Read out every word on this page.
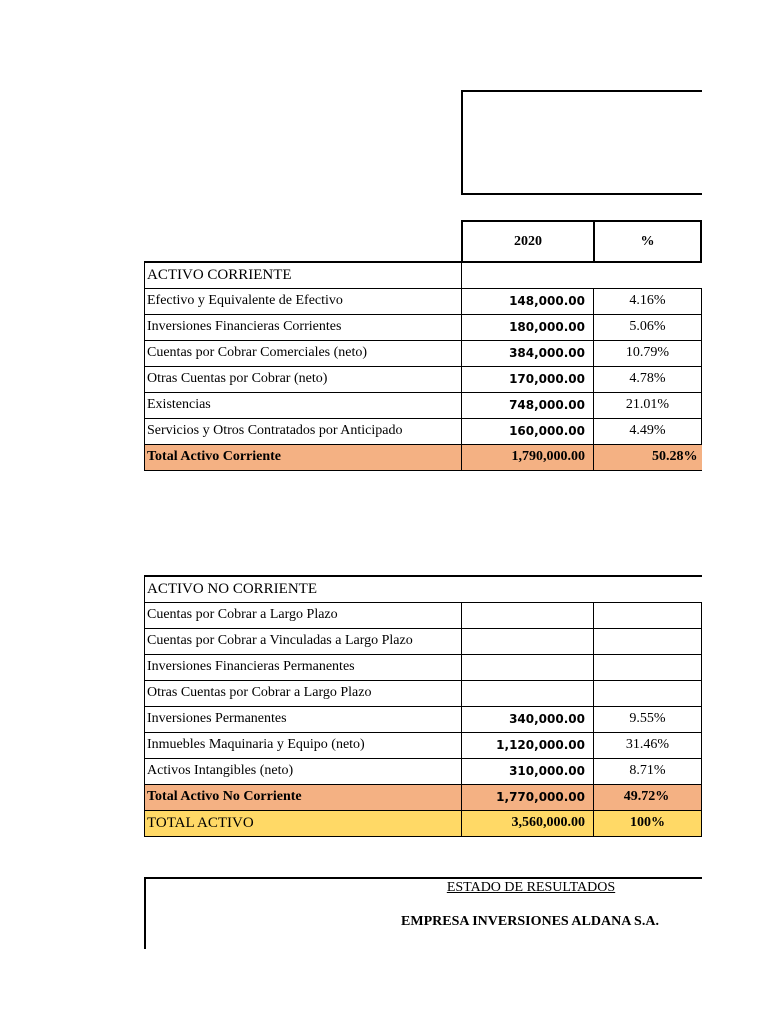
2020	%
ACTIVO CORRIENTE		
Efectivo y Equivalente de Efectivo	148,000.00	4.16%
Inversiones Financieras Corrientes	180,000.00	5.06%
Cuentas por Cobrar Comerciales (neto)	384,000.00	10.79%
Otras Cuentas por Cobrar (neto)	170,000.00	4.78%
Existencias	748,000.00	21.01%
Servicios y Otros Contratados por Anticipado	160,000.00	4.49%
Total Activo Corriente	1,790,000.00	50.28%
ACTIVO NO CORRIENTE		
Cuentas por Cobrar a Largo Plazo		
Cuentas por Cobrar a Vinculadas a Largo Plazo		
Inversiones Financieras Permanentes		
Otras Cuentas por Cobrar a Largo Plazo		
Inversiones Permanentes	340,000.00	9.55%
Inmuebles Maquinaria y Equipo (neto)	1,120,000.00	31.46%
Activos Intangibles (neto)	310,000.00	8.71%
Total Activo No Corriente	1,770,000.00	49.72%
TOTAL ACTIVO	3,560,000.00	100%
ESTADO DE RESULTADOS
EMPRESA INVERSIONES ALDANA S.A.
